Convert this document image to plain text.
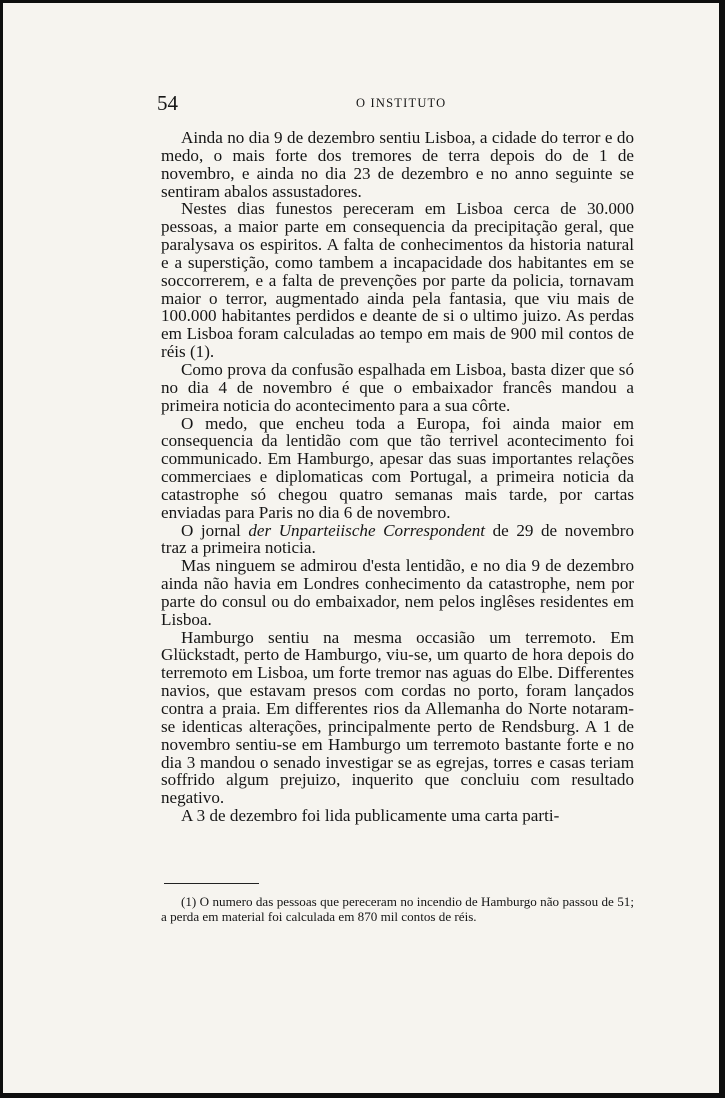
54	O INSTITUTO

Ainda no dia 9 de dezembro sentiu Lisboa, a cidade do terror e do medo, o mais forte dos tremores de terra depois do de 1 de novembro, e ainda no dia 23 de dezembro e no anno seguinte se sentiram abalos assustadores.

Nestes dias funestos pereceram em Lisboa cerca de 30.000 pessoas, a maior parte em consequencia da precipitação geral, que paralysava os espiritos. A falta de conhecimentos da historia natural e a superstição, como tambem a incapacidade dos habitantes em se soccorrerem, e a falta de prevenções por parte da policia, tornavam maior o terror, augmentado ainda pela fantasia, que viu mais de 100.000 habitantes perdidos e deante de si o ultimo juizo. As perdas em Lisboa foram calculadas ao tempo em mais de 900 mil contos de réis (1).

Como prova da confusão espalhada em Lisboa, basta dizer que só no dia 4 de novembro é que o embaixador francês mandou a primeira noticia do acontecimento para a sua côrte.

O medo, que encheu toda a Europa, foi ainda maior em consequencia da lentidão com que tão terrivel acontecimento foi communicado. Em Hamburgo, apesar das suas importantes relações commerciaes e diplomaticas com Portugal, a primeira noticia da catastrophe só chegou quatro semanas mais tarde, por cartas enviadas para Paris no dia 6 de novembro.

O jornal der Unparteiische Correspondent de 29 de novembro traz a primeira noticia.

Mas ninguem se admirou d'esta lentidão, e no dia 9 de dezembro ainda não havia em Londres conhecimento da catastrophe, nem por parte do consul ou do embaixador, nem pelos inglêses residentes em Lisboa.

Hamburgo sentiu na mesma occasião um terremoto. Em Glückstadt, perto de Hamburgo, viu-se, um quarto de hora depois do terremoto em Lisboa, um forte tremor nas aguas do Elbe. Differentes navios, que estavam presos com cordas no porto, foram lançados contra a praia. Em differentes rios da Allemanha do Norte notaram-se identicas alterações, principalmente perto de Rendsburg. A 1 de novembro sentiu-se em Hamburgo um terremoto bastante forte e no dia 3 mandou o senado investigar se as egrejas, torres e casas teriam soffrido algum prejuizo, inquerito que concluiu com resultado negativo.

A 3 de dezembro foi lida publicamente uma carta parti-

(1) O numero das pessoas que pereceram no incendio de Hamburgo não passou de 51; a perda em material foi calculada em 870 mil contos de réis.
